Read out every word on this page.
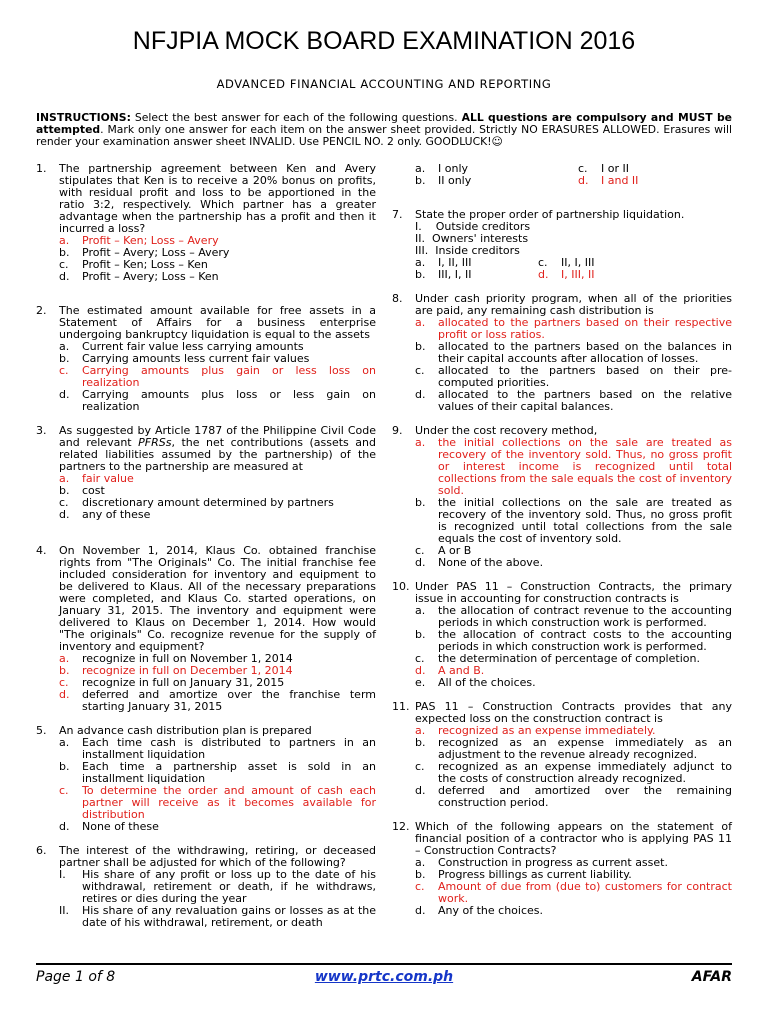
NFJPIA MOCK BOARD EXAMINATION 2016
ADVANCED FINANCIAL ACCOUNTING AND REPORTING
INSTRUCTIONS: Select the best answer for each of the following questions. ALL questions are compulsory and MUST be attempted. Mark only one answer for each item on the answer sheet provided. Strictly NO ERASURES ALLOWED. Erasures will render your examination answer sheet INVALID. Use PENCIL NO. 2 only. GOODLUCK!☺
1. The partnership agreement between Ken and Avery stipulates that Ken is to receive a 20% bonus on profits, with residual profit and loss to be apportioned in the ratio 3:2, respectively. Which partner has a greater advantage when the partnership has a profit and then it incurred a loss?
a. Profit – Ken; Loss – Avery
b. Profit – Avery; Loss – Avery
c. Profit – Ken; Loss – Ken
d. Profit – Avery; Loss – Ken
2. The estimated amount available for free assets in a Statement of Affairs for a business enterprise undergoing bankruptcy liquidation is equal to the assets
a. Current fair value less carrying amounts
b. Carrying amounts less current fair values
c. Carrying amounts plus gain or less loss on realization
d. Carrying amounts plus loss or less gain on realization
3. As suggested by Article 1787 of the Philippine Civil Code and relevant PFRSs, the net contributions (assets and related liabilities assumed by the partnership) of the partners to the partnership are measured at
a. fair value
b. cost
c. discretionary amount determined by partners
d. any of these
4. On November 1, 2014, Klaus Co. obtained franchise rights from "The Originals" Co. The initial franchise fee included consideration for inventory and equipment to be delivered to Klaus. All of the necessary preparations were completed, and Klaus Co. started operations, on January 31, 2015. The inventory and equipment were delivered to Klaus on December 1, 2014. How would "The originals" Co. recognize revenue for the supply of inventory and equipment?
a. recognize in full on November 1, 2014
b. recognize in full on December 1, 2014
c. recognize in full on January 31, 2015
d. deferred and amortize over the franchise term starting January 31, 2015
5. An advance cash distribution plan is prepared
a. Each time cash is distributed to partners in an installment liquidation
b. Each time a partnership asset is sold in an installment liquidation
c. To determine the order and amount of cash each partner will receive as it becomes available for distribution
d. None of these
6. The interest of the withdrawing, retiring, or deceased partner shall be adjusted for which of the following?
I. His share of any profit or loss up to the date of his withdrawal, retirement or death, if he withdraws, retires or dies during the year
II. His share of any revaluation gains or losses as at the date of his withdrawal, retirement, or death
a. I only	c. I or II
b. II only	d. I and II
7. State the proper order of partnership liquidation.
I.    Outside creditors
II.  Owners' interests
III.  Inside creditors
a. I, II, III	c. II, I, III
b. III, I, II	d. I, III, II
8. Under cash priority program, when all of the priorities are paid, any remaining cash distribution is
a. allocated to the partners based on their respective profit or loss ratios.
b. allocated to the partners based on the balances in their capital accounts after allocation of losses.
c. allocated to the partners based on their pre-computed priorities.
d. allocated to the partners based on the relative values of their capital balances.
9. Under the cost recovery method,
a. the initial collections on the sale are treated as recovery of the inventory sold. Thus, no gross profit or interest income is recognized until total collections from the sale equals the cost of inventory sold.
b. the initial collections on the sale are treated as recovery of the inventory sold. Thus, no gross profit is recognized until total collections from the sale equals the cost of inventory sold.
c. A or B
d. None of the above.
10. Under PAS 11 – Construction Contracts, the primary issue in accounting for construction contracts is
a. the allocation of contract revenue to the accounting periods in which construction work is performed.
b. the allocation of contract costs to the accounting periods in which construction work is performed.
c. the determination of percentage of completion.
d. A and B.
e. All of the choices.
11. PAS 11 – Construction Contracts provides that any expected loss on the construction contract is
a. recognized as an expense immediately.
b. recognized as an expense immediately as an adjustment to the revenue already recognized.
c. recognized as an expense immediately adjunct to the costs of construction already recognized.
d. deferred and amortized over the remaining construction period.
12. Which of the following appears on the statement of financial position of a contractor who is applying PAS 11 – Construction Contracts?
a. Construction in progress as current asset.
b. Progress billings as current liability.
c. Amount of due from (due to) customers for contract work.
d. Any of the choices.
Page 1 of 8	www.prtc.com.ph	AFAR
